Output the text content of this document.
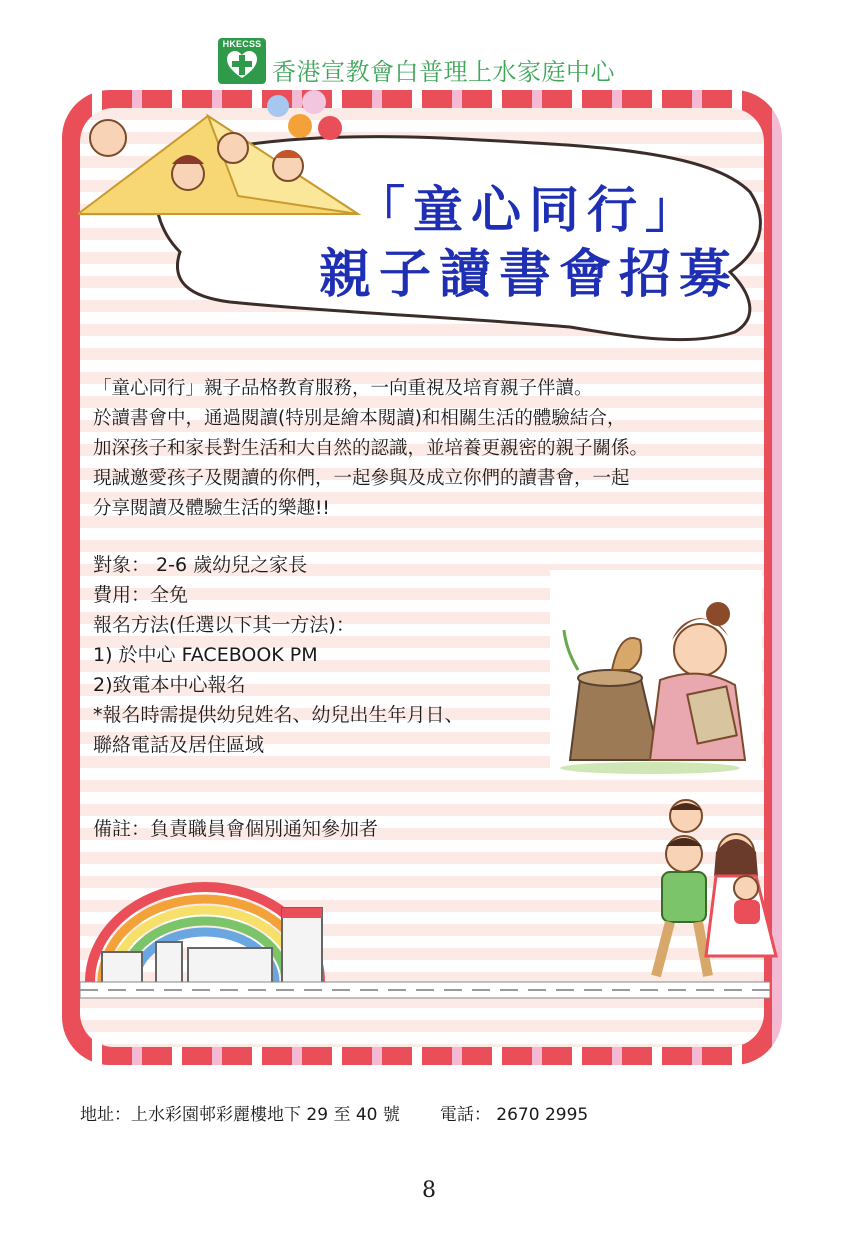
HKECSS
香港宣教會白普理上水家庭中心
「童心同行」
親子讀書會招募

「童心同行」親子品格教育服務，一向重視及培育親子伴讀。

於讀書會中，通過閱讀(特別是繪本閱讀)和相關生活的體驗結合，

加深孩子和家長對生活和大自然的認識，並培養更親密的親子關係。

現誠邀愛孩子及閱讀的你們，一起參與及成立你們的讀書會，一起

分享閱讀及體驗生活的樂趣!!

對象： 2-6 歲幼兒之家長

費用：全免

報名方法(任選以下其一方法)：

1) 於中心 FACEBOOK PM

2)致電本中心報名

*報名時需提供幼兒姓名、幼兒出生年月日、

聯絡電話及居住區域

備註：負責職員會個別通知參加者
地址：上水彩園邨彩麗樓地下 29 至 40 號 電話： 2670 2995
8
